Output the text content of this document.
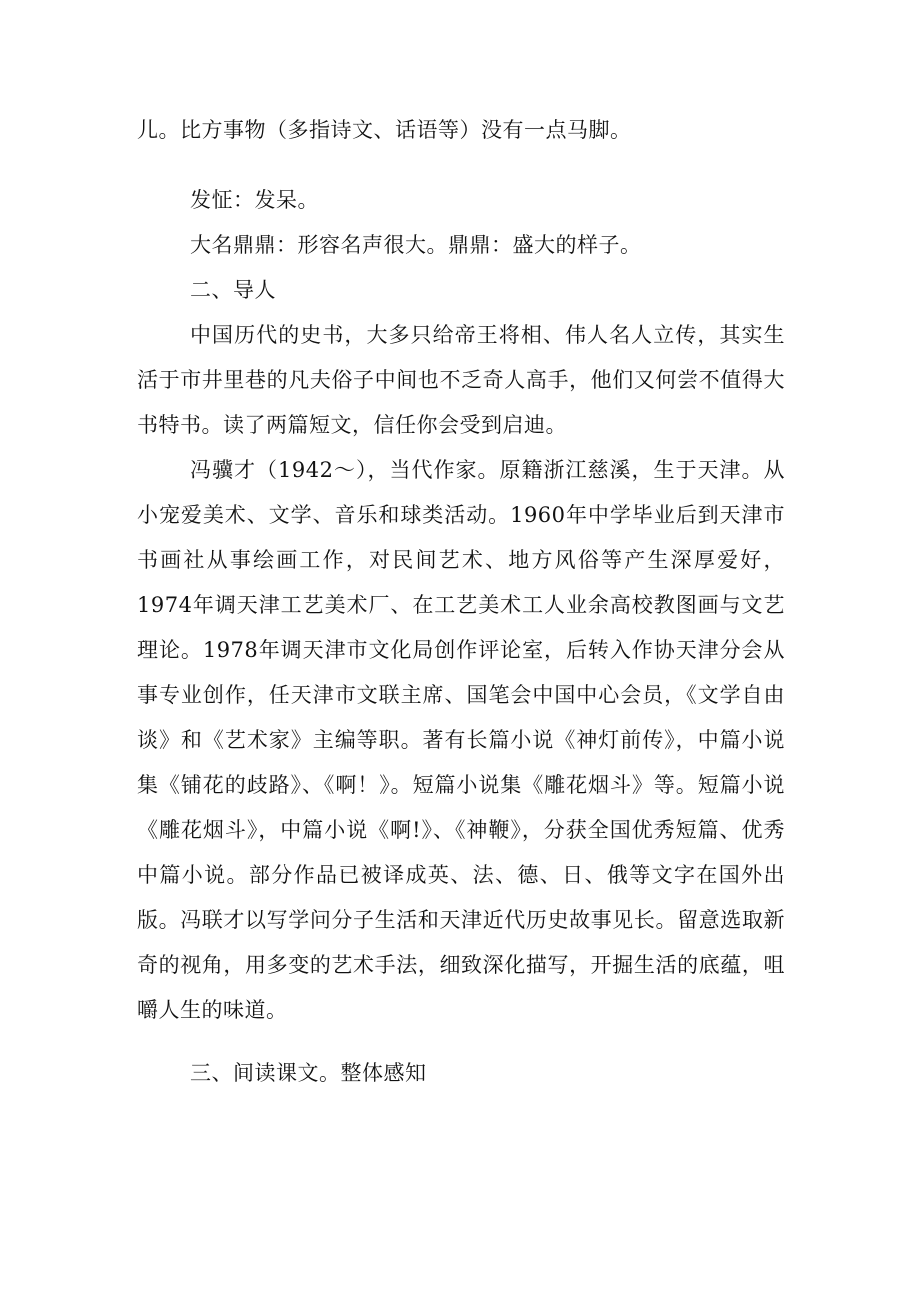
儿。比方事物（多指诗文、话语等）没有一点马脚。

发怔：发呆。

大名鼎鼎：形容名声很大。鼎鼎：盛大的样子。

二、导人

中国历代的史书，大多只给帝王将相、伟人名人立传，其实生活于市井里巷的凡夫俗子中间也不乏奇人高手，他们又何尝不值得大书特书。读了两篇短文，信任你会受到启迪。

冯骥才（1942～），当代作家。原籍浙江慈溪，生于天津。从小宠爱美术、文学、音乐和球类活动。1960年中学毕业后到天津市书画社从事绘画工作，对民间艺术、地方风俗等产生深厚爱好，1974年调天津工艺美术厂、在工艺美术工人业余高校教图画与文艺理论。1978年调天津市文化局创作评论室，后转入作协天津分会从事专业创作，任天津市文联主席、国笔会中国中心会员，《文学自由谈》和《艺术家》主编等职。著有长篇小说《神灯前传》，中篇小说集《铺花的歧路》、《啊！》。短篇小说集《雕花烟斗》等。短篇小说《雕花烟斗》，中篇小说《啊!》、《神鞭》，分获全国优秀短篇、优秀中篇小说。部分作品已被译成英、法、德、日、俄等文字在国外出版。冯联才以写学问分子生活和天津近代历史故事见长。留意选取新奇的视角，用多变的艺术手法，细致深化描写，开掘生活的底蕴，咀嚼人生的味道。

三、间读课文。整体感知
